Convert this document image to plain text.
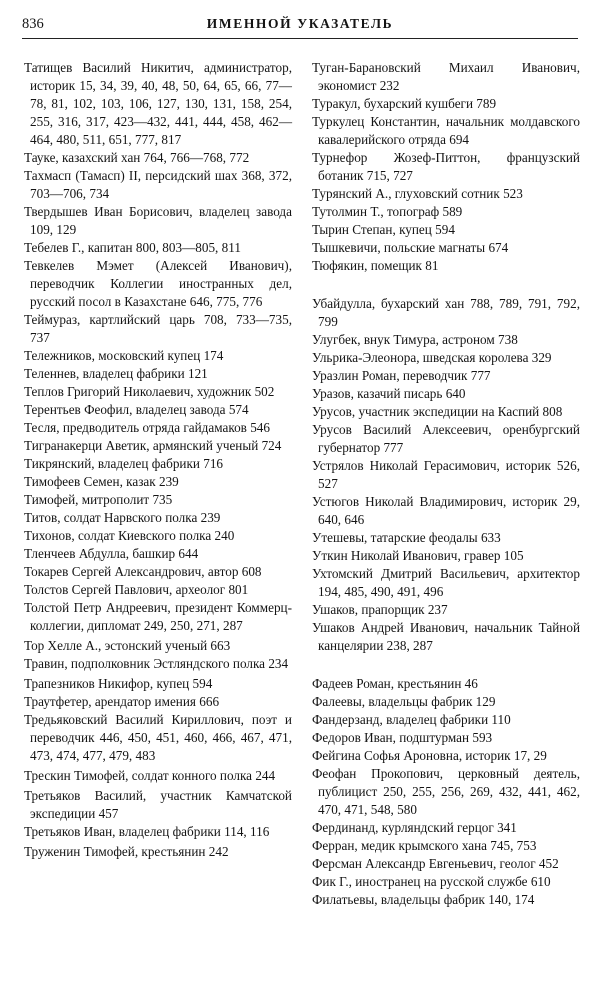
836	ИМЕННОЙ УКАЗАТЕЛЬ
Татищев Василий Никитич, администратор, историк 15, 34, 39, 40, 48, 50, 64, 65, 66, 77—78, 81, 102, 103, 106, 127, 130, 131, 158, 254, 255, 316, 317, 423—432, 441, 444, 458, 462—464, 480, 511, 651, 777, 817
Тауке, казахский хан 764, 766—768, 772
Тахмасп (Тамасп) II, персидский шах 368, 372, 703—706, 734
Твердышев Иван Борисович, владелец завода 109, 129
Тебелев Г., капитан 800, 803—805, 811
Тевкелев Мэмет (Алексей Иванович), переводчик Коллегии иностранных дел, русский посол в Казахстане 646, 775, 776
Теймураз, картлийский царь 708, 733—735, 737
Тележников, московский купец 174
Теленнев, владелец фабрики 121
Теплов Григорий Николаевич, художник 502
Терентьев Феофил, владелец завода 574
Тесля, предводитель отряда гайдамаков 546
Тигранакерци Аветик, армянский ученый 724
Тикрянский, владелец фабрики 716
Тимофеев Семен, казак 239
Тимофей, митрополит 735
Титов, солдат Нарвского полка 239
Тихонов, солдат Киевского полка 240
Тленчеев Абдулла, башкир 644
Токарев Сергей Александрович, автор 608
Толстов Сергей Павлович, археолог 801
Толстой Петр Андреевич, президент Коммерц-коллегии, дипломат 249, 250, 271, 287
Тор Хелле А., эстонский ученый 663
Травин, подполковник Эстляндского полка 234
Трапезников Никифор, купец 594
Траутфетер, арендатор имения 666
Тредьяковский Василий Кириллович, поэт и переводчик 446, 450, 451, 460, 466, 467, 471, 473, 474, 477, 479, 483
Трескин Тимофей, солдат конного полка 244
Третьяков Василий, участник Камчатской экспедиции 457
Третьяков Иван, владелец фабрики 114, 116
Труженин Тимофей, крестьянин 242
Туган-Барановский Михаил Иванович, экономист 232
Туракул, бухарский кушбеги 789
Туркулец Константин, начальник молдавского кавалерийского отряда 694
Турнефор Жозеф-Питтон, французский ботаник 715, 727
Турянский А., глуховский сотник 523
Тутолмин Т., топограф 589
Тырин Степан, купец 594
Тышкевичи, польские магнаты 674
Тюфякин, помещик 81
Убайдулла, бухарский хан 788, 789, 791, 792, 799
Улугбек, внук Тимура, астроном 738
Ульрика-Элеонора, шведская королева 329
Уразлин Роман, переводчик 777
Уразов, казачий писарь 640
Урусов, участник экспедиции на Каспий 808
Урусов Василий Алексеевич, оренбургский губернатор 777
Устрялов Николай Герасимович, историк 526, 527
Устюгов Николай Владимирович, историк 29, 640, 646
Утешевы, татарские феодалы 633
Уткин Николай Иванович, гравер 105
Ухтомский Дмитрий Васильевич, архитектор 194, 485, 490, 491, 496
Ушаков, прапорщик 237
Ушаков Андрей Иванович, начальник Тайной канцелярии 238, 287
Фадеев Роман, крестьянин 46
Фалеевы, владельцы фабрик 129
Фандерзанд, владелец фабрики 110
Федоров Иван, подштурман 593
Фейгина Софья Ароновна, историк 17, 29
Феофан Прокопович, церковный деятель, публицист 250, 255, 256, 269, 432, 441, 462, 470, 471, 548, 580
Фердинанд, курляндский герцог 341
Ферран, медик крымского хана 745, 753
Ферсман Александр Евгеньевич, геолог 452
Фик Г., иностранец на русской службе 610
Филатьевы, владельцы фабрик 140, 174
